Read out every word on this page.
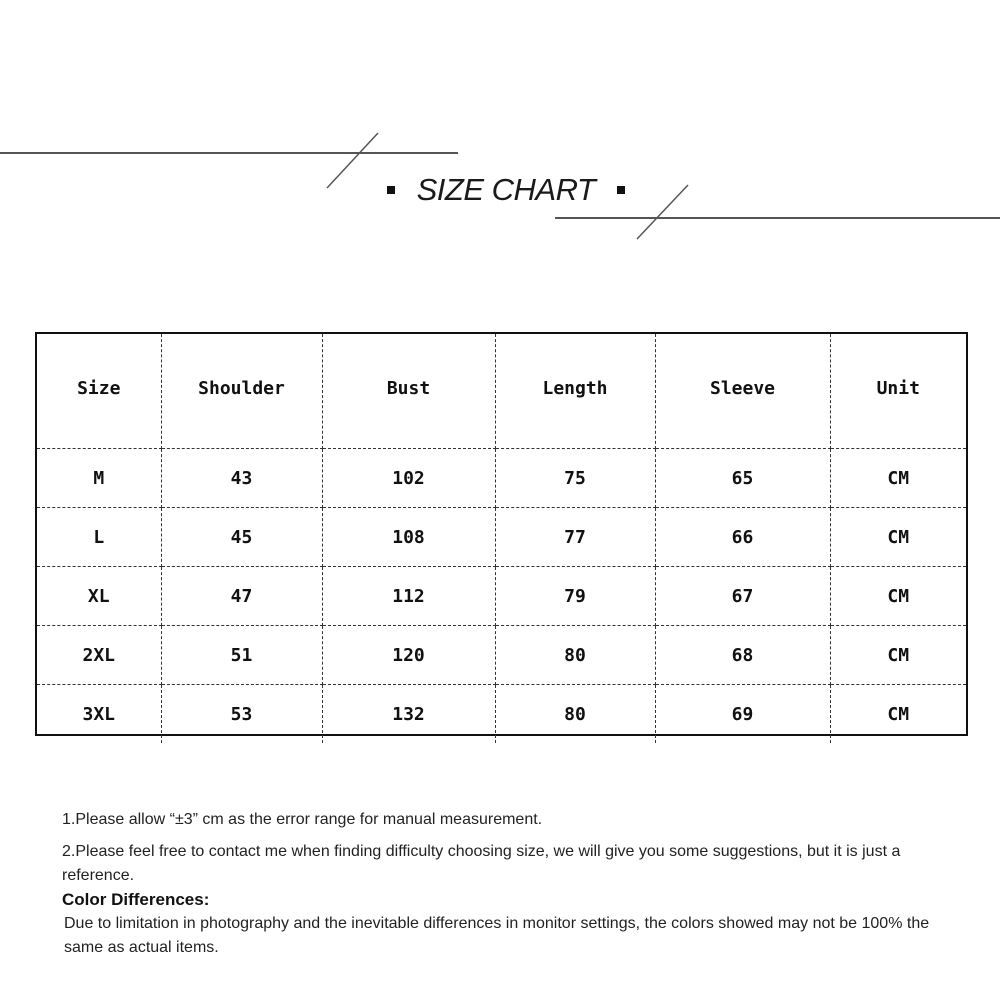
SIZE CHART
Size	Shoulder	Bust	Length	Sleeve	Unit
M	43	102	75	65	CM
L	45	108	77	66	CM
XL	47	112	79	67	CM
2XL	51	120	80	68	CM
3XL	53	132	80	69	CM

1.Please allow “±3” cm as the error range for manual measurement.

2.Please feel free to contact me when finding difficulty choosing size, we will give you some suggestions, but it is just a reference.

Color Differences:

Due to limitation in photography and the inevitable differences in monitor settings, the colors showed may not be 100% the same as actual items.
